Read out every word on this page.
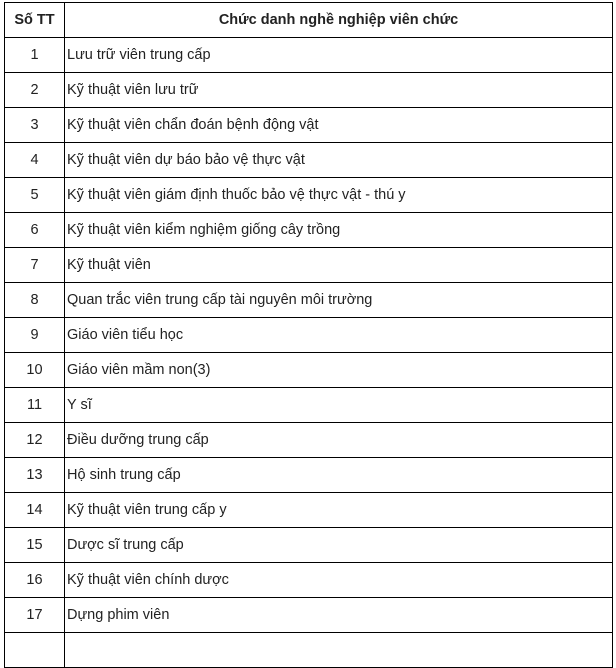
Số TT	Chức danh nghề nghiệp viên chức
1	Lưu trữ viên trung cấp
2	Kỹ thuật viên lưu trữ
3	Kỹ thuật viên chẩn đoán bệnh động vật
4	Kỹ thuật viên dự báo bảo vệ thực vật
5	Kỹ thuật viên giám định thuốc bảo vệ thực vật - thú y
6	Kỹ thuật viên kiểm nghiệm giống cây trồng
7	Kỹ thuật viên
8	Quan trắc viên trung cấp tài nguyên môi trường
9	Giáo viên tiểu học
10	Giáo viên mầm non(3)
11	Y sĩ
12	Điều dưỡng trung cấp
13	Hộ sinh trung cấp
14	Kỹ thuật viên trung cấp y
15	Dược sĩ trung cấp
16	Kỹ thuật viên chính dược
17	Dựng phim viên
